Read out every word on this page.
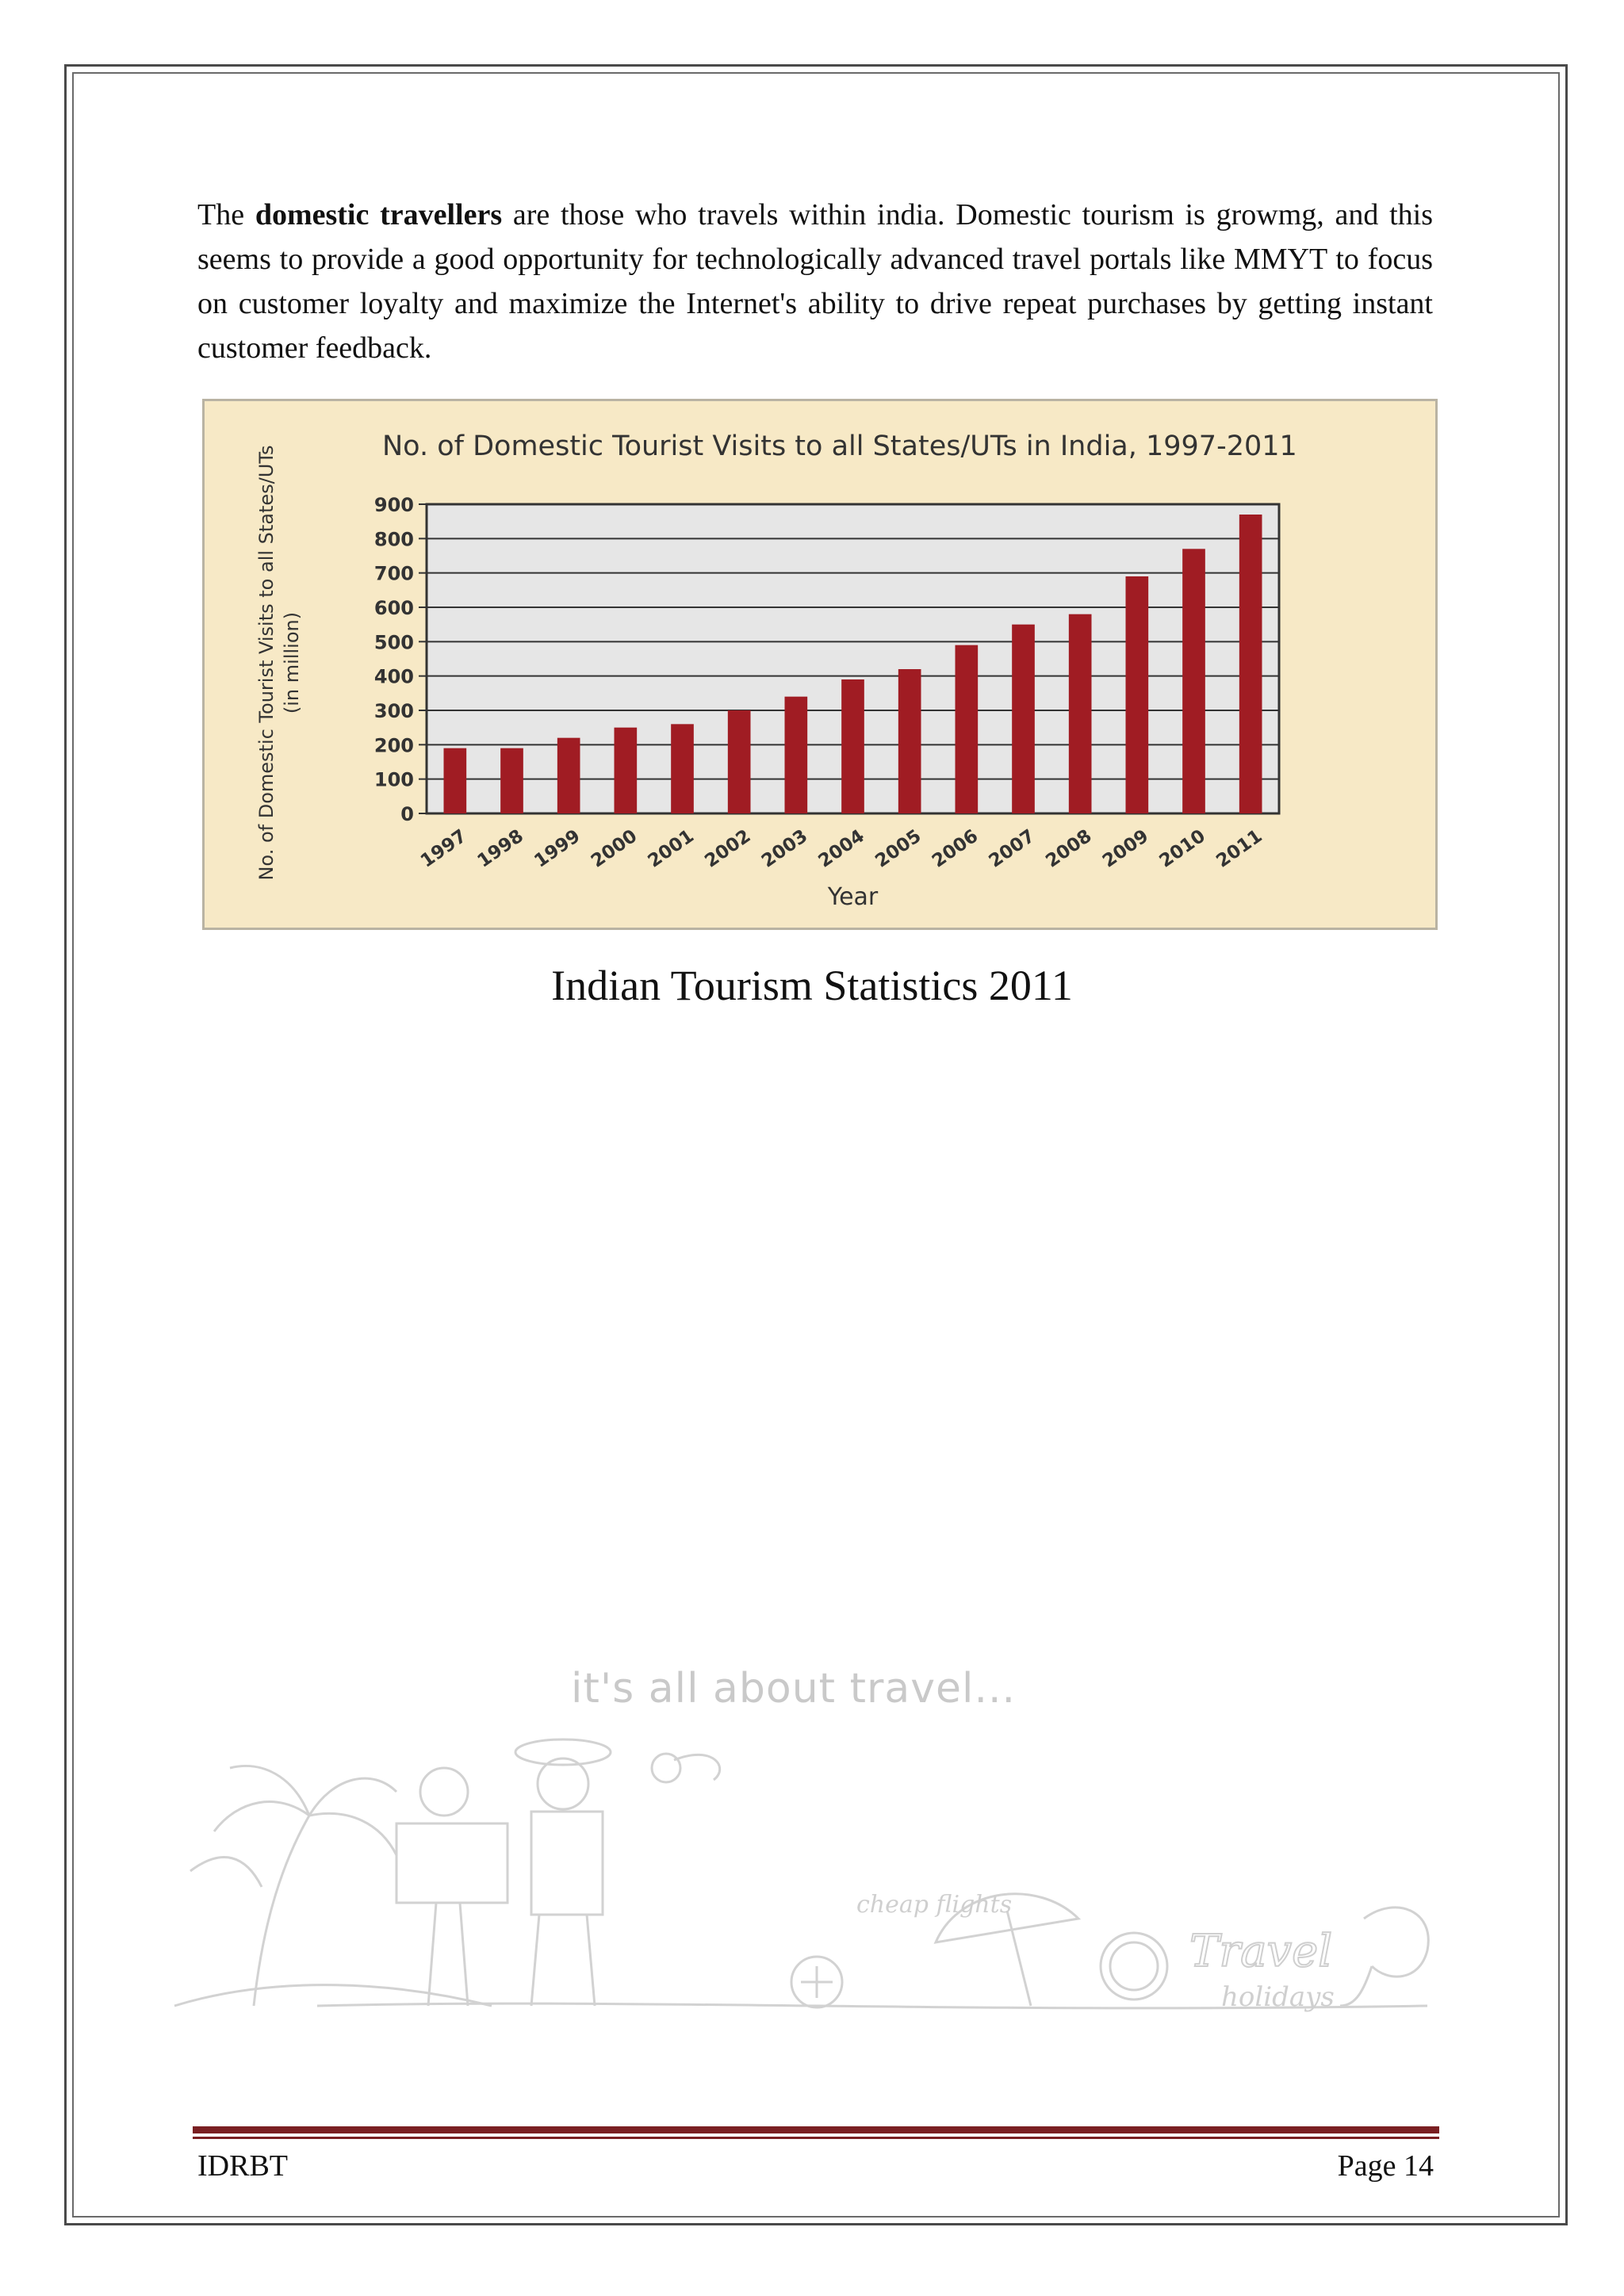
The domestic travellers are those who travels within india. Domestic tourism is growmg, and this seems to provide a good opportunity for technologically advanced travel portals like MMYT to focus on customer loyalty and maximize the Internet's ability to drive repeat purchases by getting instant customer feedback.

0
100
200
300
400
500
600
700
800
900
1997 1998 1999 2000 2001 2002 2003 2004 2005 2006 2007 2008 2009 2010 2011
No. of Domestic Tourist Visits to all States/UTs in India, 1997-2011
Year
No. of Domestic Tourist Visits to all States/UTs (in million)
Indian Tourism Statistics 2011
cheap flights
Travel
holidays
it's all about travel...
IDRBT	Page 14
